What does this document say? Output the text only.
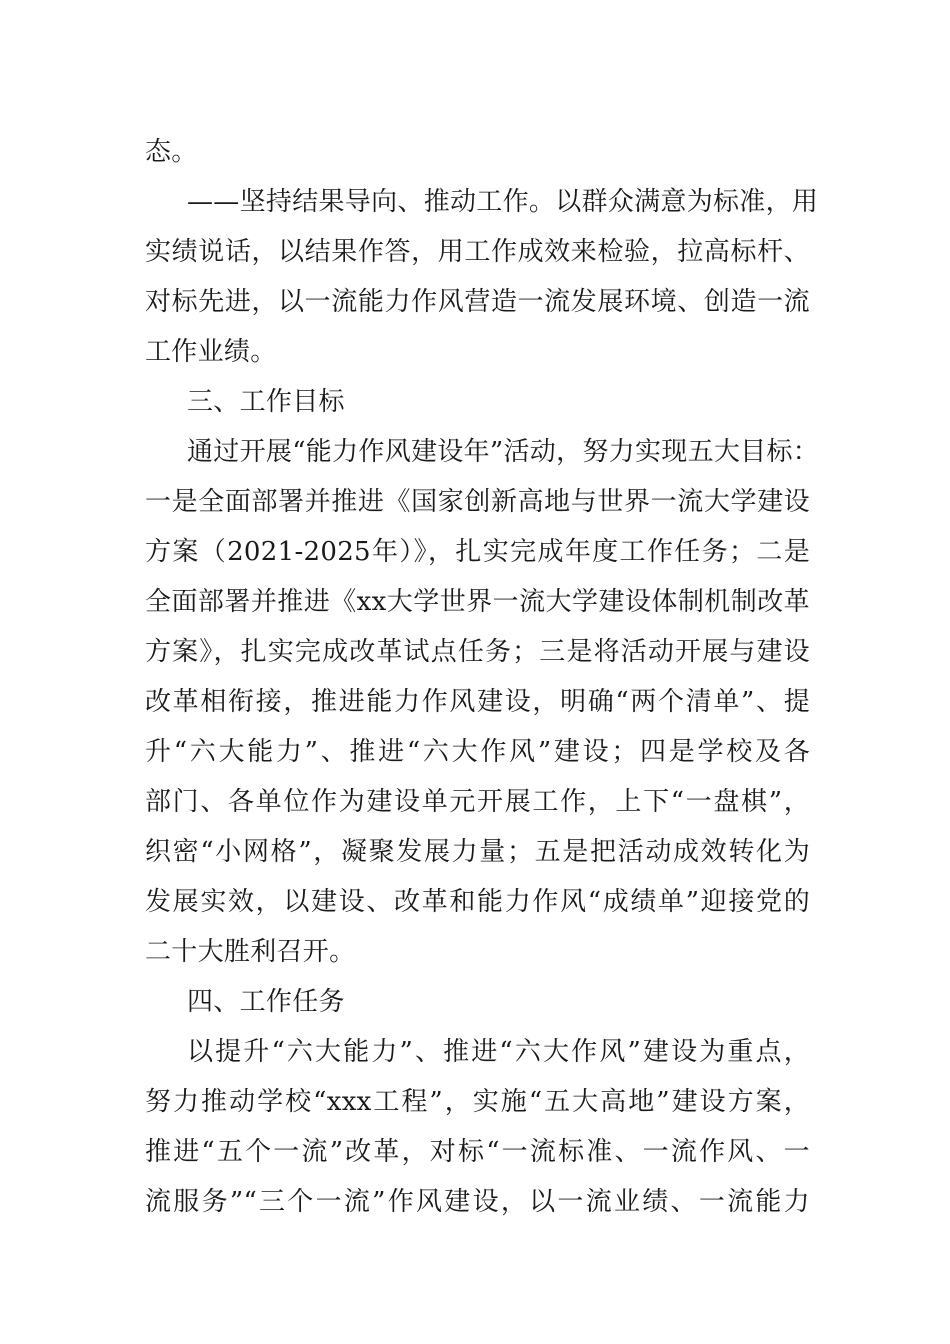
态。
——坚持结果导向、推动工作。以群众满意为标准，用
实绩说话，以结果作答，用工作成效来检验，拉高标杆、
对标先进，以一流能力作风营造一流发展环境、创造一流
工作业绩。
三、工作目标
通过开展“能力作风建设年”活动，努力实现五大目标：
一是全面部署并推进《国家创新高地与世界一流大学建设
方案（2021-2025年）》，扎实完成年度工作任务；二是
全面部署并推进《xx大学世界一流大学建设体制机制改革
方案》，扎实完成改革试点任务；三是将活动开展与建设
改革相衔接，推进能力作风建设，明确“两个清单”、提
升“六大能力”、推进“六大作风”建设；四是学校及各
部门、各单位作为建设单元开展工作，上下“一盘棋”，
织密“小网格”，凝聚发展力量；五是把活动成效转化为
发展实效，以建设、改革和能力作风“成绩单”迎接党的
二十大胜利召开。
四、工作任务
以提升“六大能力”、推进“六大作风”建设为重点，
努力推动学校“xxx工程”，实施“五大高地”建设方案，
推进“五个一流”改革，对标“一流标准、一流作风、一
流服务”“三个一流”作风建设，以一流业绩、一流能力
